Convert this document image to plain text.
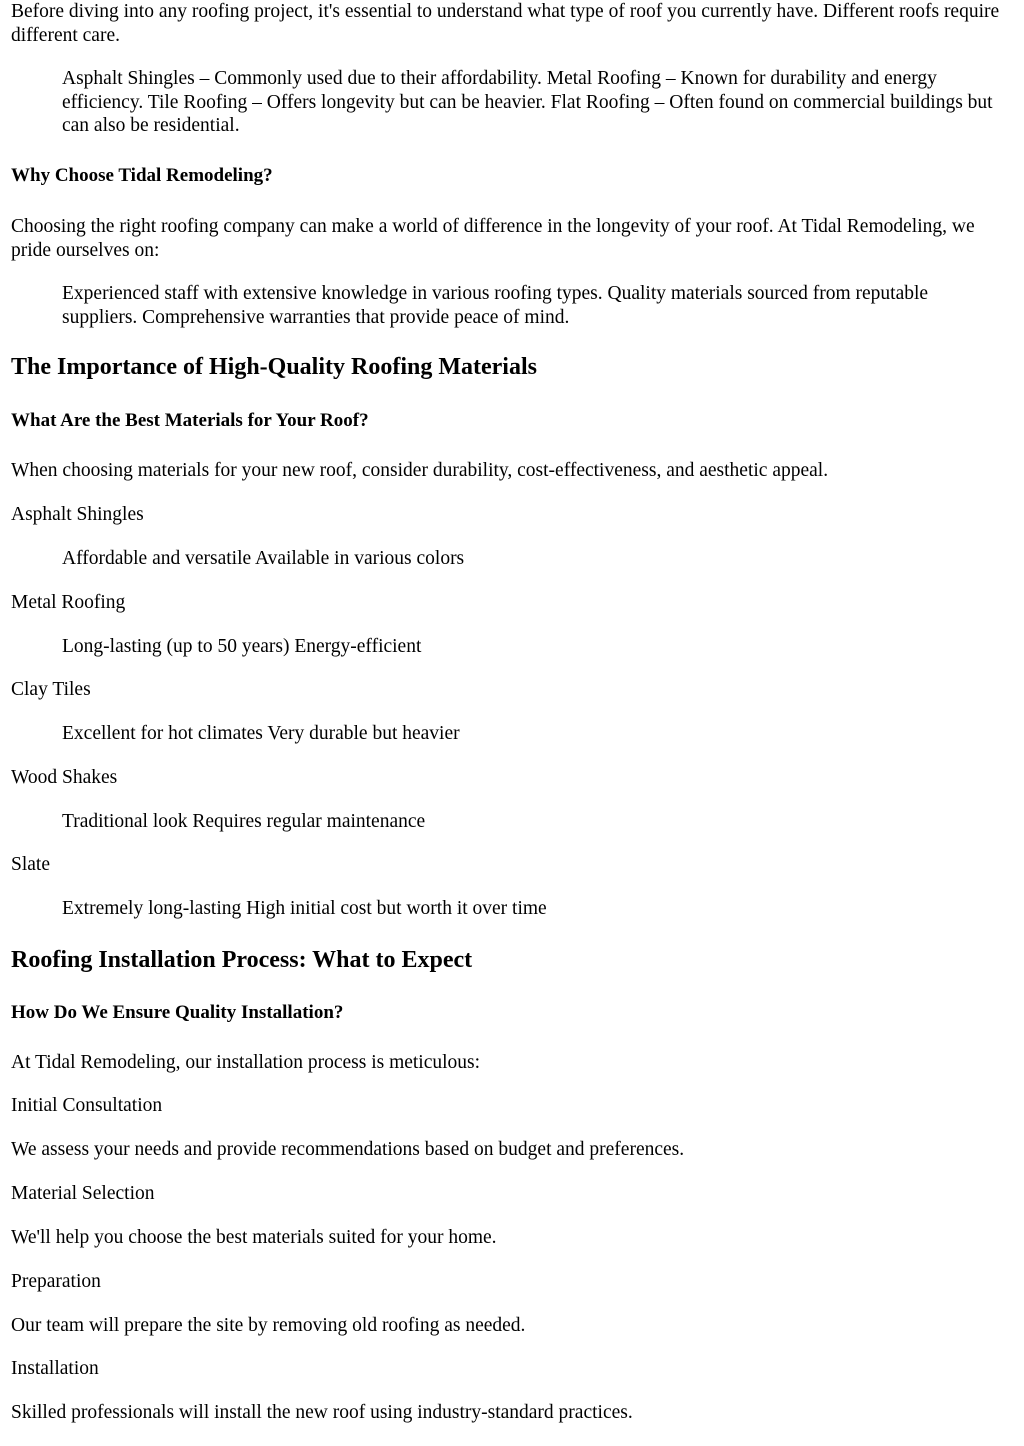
Before diving into any roofing project, it's essential to understand what type of roof you currently have. Different roofs require different care.

Asphalt Shingles – Commonly used due to their affordability. Metal Roofing – Known for durability and energy efficiency. Tile Roofing – Offers longevity but can be heavier. Flat Roofing – Often found on commercial buildings but can also be residential.

Why Choose Tidal Remodeling?

Choosing the right roofing company can make a world of difference in the longevity of your roof. At Tidal Remodeling, we pride ourselves on:

Experienced staff with extensive knowledge in various roofing types. Quality materials sourced from reputable suppliers. Comprehensive warranties that provide peace of mind.

The Importance of High-Quality Roofing Materials
What Are the Best Materials for Your Roof?

When choosing materials for your new roof, consider durability, cost-effectiveness, and aesthetic appeal.

Asphalt Shingles

Affordable and versatile Available in various colors

Metal Roofing

Long-lasting (up to 50 years) Energy-efficient

Clay Tiles

Excellent for hot climates Very durable but heavier

Wood Shakes

Traditional look Requires regular maintenance

Slate

Extremely long-lasting High initial cost but worth it over time

Roofing Installation Process: What to Expect
How Do We Ensure Quality Installation?

At Tidal Remodeling, our installation process is meticulous:

Initial Consultation

We assess your needs and provide recommendations based on budget and preferences.

Material Selection

We'll help you choose the best materials suited for your home.

Preparation

Our team will prepare the site by removing old roofing as needed.

Installation

Skilled professionals will install the new roof using industry-standard practices.
